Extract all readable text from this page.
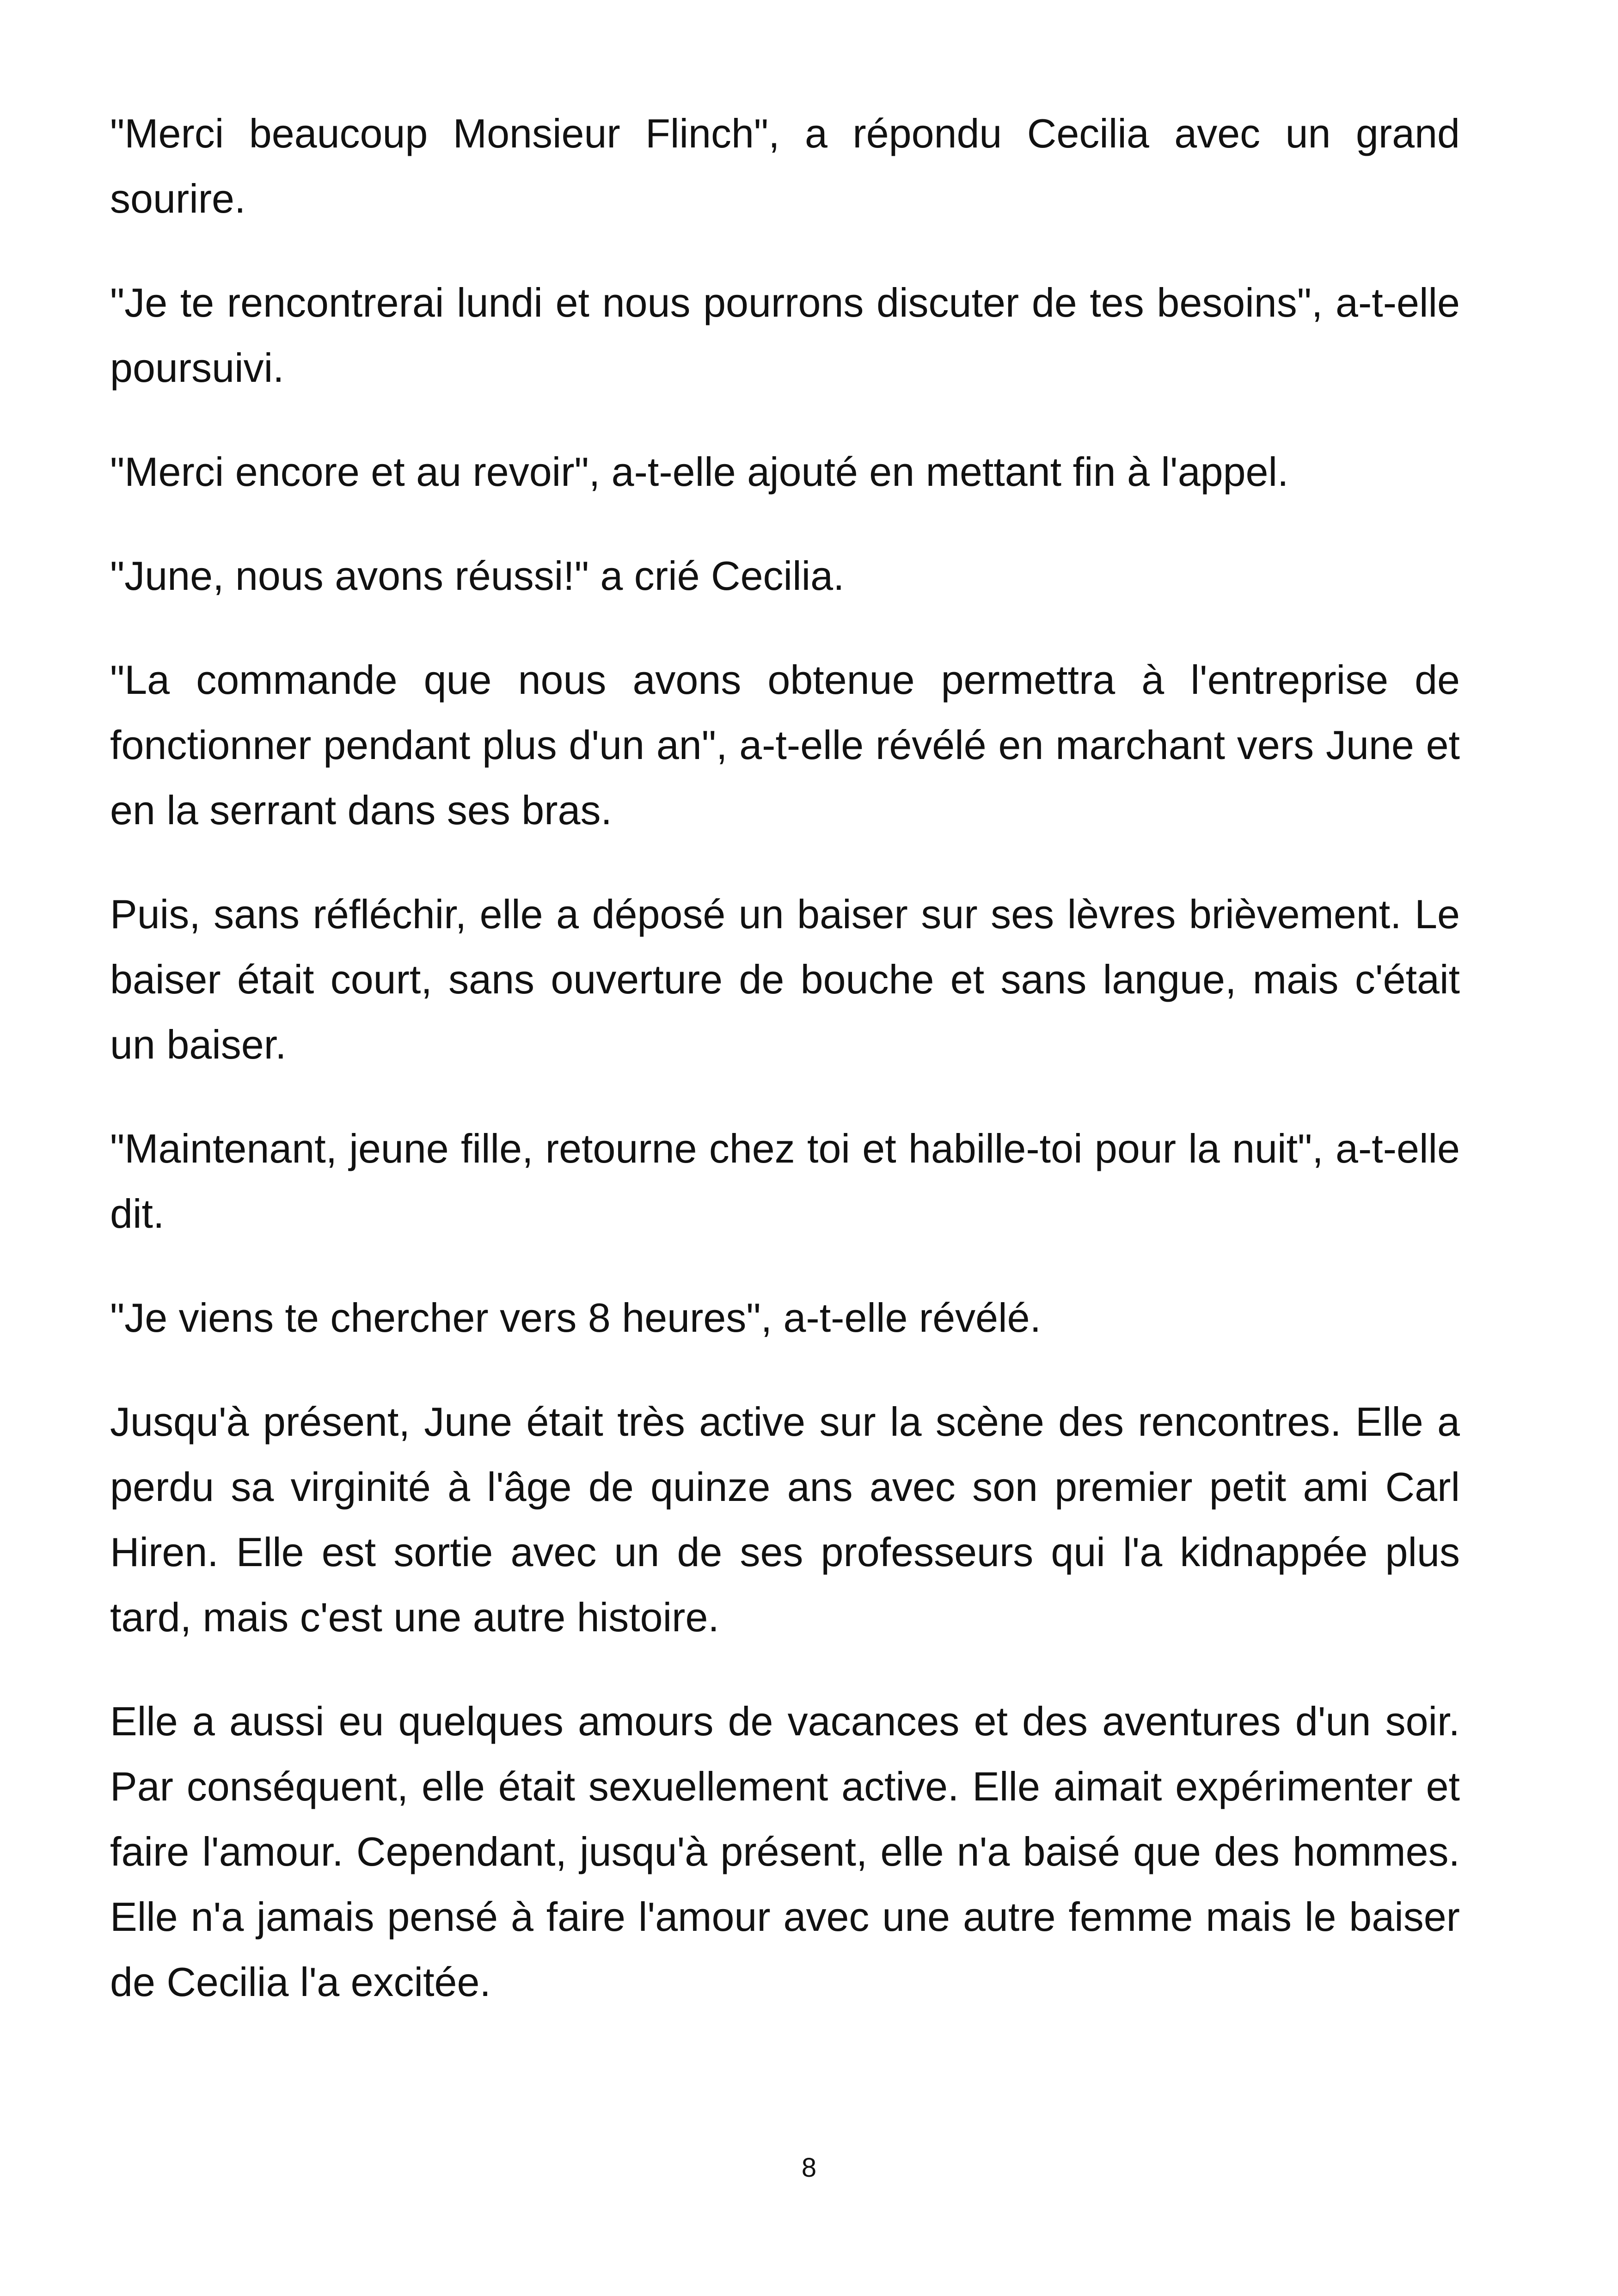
"Merci beaucoup Monsieur Flinch", a répondu Cecilia avec un grand sourire.

"Je te rencontrerai lundi et nous pourrons discuter de tes besoins", a-t-elle poursuivi.

"Merci encore et au revoir", a-t-elle ajouté en mettant fin à l'appel.

"June, nous avons réussi!" a crié Cecilia.

"La commande que nous avons obtenue permettra à l'entreprise de fonctionner pendant plus d'un an", a-t-elle révélé en marchant vers June et en la serrant dans ses bras.

Puis, sans réfléchir, elle a déposé un baiser sur ses lèvres brièvement. Le baiser était court, sans ouverture de bouche et sans langue, mais c'était un baiser.

"Maintenant, jeune fille, retourne chez toi et habille-toi pour la nuit", a-t-elle dit.

"Je viens te chercher vers 8 heures", a-t-elle révélé.

Jusqu'à présent, June était très active sur la scène des rencontres. Elle a perdu sa virginité à l'âge de quinze ans avec son premier petit ami Carl Hiren. Elle est sortie avec un de ses professeurs qui l'a kidnappée plus tard, mais c'est une autre histoire.

Elle a aussi eu quelques amours de vacances et des aventures d'un soir. Par conséquent, elle était sexuellement active. Elle aimait expérimenter et faire l'amour. Cependant, jusqu'à présent, elle n'a baisé que des hommes. Elle n'a jamais pensé à faire l'amour avec une autre femme mais le baiser de Cecilia l'a excitée.

8
